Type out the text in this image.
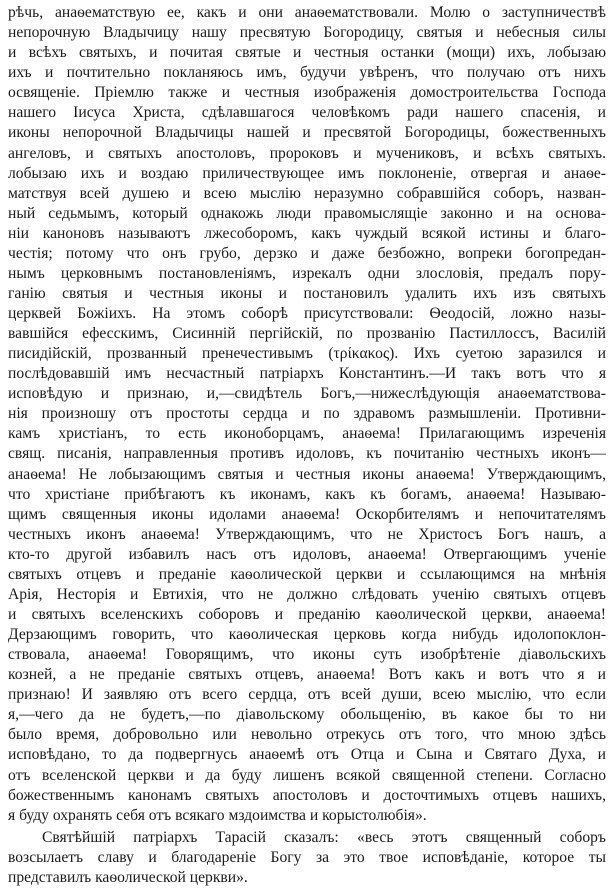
рѣчь, анаѳематствую ее, какъ и они анаѳематствовали. Молю о заступничествѣ
непорочную Владычицу нашу пресвятую Богородицу, святыя и небесныя силы
и всѣхъ святыхъ, и почитая святые и честныя останки (мощи) ихъ, лобызаю
ихъ и почтительно покланяюсь имъ, будучи увѣренъ, что получаю отъ нихъ
освященіе. Пріемлю также и честныя изображенія домостроительства Господа
нашего Іисуса Христа, сдѣлавшагося человѣкомъ ради нашего спасенія, и
иконы непорочной Владычицы нашей и пресвятой Богородицы, божественныхъ
ангеловъ, и святыхъ апостоловъ, пророковъ и мучениковъ, и всѣхъ святыхъ.
лобызаю ихъ и воздаю приличествующее имъ поклоненіе, отвергая и анаѳе-
матствуя всей душею и всею мыслію неразумно собравшійся соборъ, назван-
ный седьмымъ, который однакожь люди правомыслящіе законно и на основа-
ніи каноновъ называютъ лжесоборомъ, какъ чуждый всякой истины и благо-
честія; потому что онъ грубо, дерзко и даже безбожно, вопреки богопредан-
нымъ церковнымъ постановленіямъ, изрекалъ одни злословія, предалъ пору-
ганію святыя и честныя иконы и постановилъ удалить ихъ изъ святыхъ
церквей Божіихъ. На этомъ соборѣ присутствовали: Ѳеодосій, ложно назы-
вавшійся ефесскимъ, Сисинній пергійскій, по прозванію Пастиллоссъ, Василій
писидійскій, прозванный пренечестивымъ (τρίκακος). Ихъ суетою заразился и
послѣдовавшій имъ несчастный патріархъ Константинъ.—И такъ вотъ что я
исповѣдую и признаю, и,—свидѣтель Богъ,—нижеслѣдующія анаѳематствова-
нія произношу отъ простоты сердца и по здравомъ размышленіи. Противни-
камъ христіанъ, то есть иконоборцамъ, анаѳема! Прилагающимъ изреченія
свящ. писанія, направленныя противъ идоловъ, къ почитанію честныхъ иконъ—
анаѳема! Не лобызающимъ святыя и честныя иконы анаѳема! Утверждающимъ,
что христіане прибѣгаютъ къ иконамъ, какъ къ богамъ, анаѳема! Называю-
щимъ священныя иконы идолами анаѳема! Оскорбителямъ и непочитателямъ
честныхъ иконъ анаѳема! Утверждающимъ, что не Христосъ Богъ нашъ, а
кто-то другой избавилъ насъ отъ идоловъ, анаѳема! Отвергающимъ ученіе
святыхъ отцевъ и преданіе каѳолической церкви и ссылающимся на мнѣнія
Арія, Несторія и Евтихія, что не должно слѣдовать ученію святыхъ отцевъ
и святыхъ вселенскихъ соборовъ и преданію каѳолической церкви, анаѳема!
Дерзающимъ говорить, что каѳолическая церковь когда нибудь идолопоклон-
ствовала, анаѳема! Говорящимъ, что иконы суть изобрѣтеніе діавольскихъ
козней, а не преданіе святыхъ отцевъ, анаѳема! Вотъ какъ и вотъ что я и
признаю! И заявляю отъ всего сердца, отъ всей души, всею мыслію, что если
я,—чего да не будетъ,—по діавольскому обольщенію, въ какое бы то ни
было время, добровольно или невольно отрекусь отъ того, что мною здѣсь
исповѣдано, то да подвергнусь анаѳемѣ отъ Отца и Сына и Святаго Духа, и
отъ вселенской церкви и да буду лишенъ всякой священной степени. Согласно
божественнымъ канонамъ святыхъ апостоловъ и досточтимыхъ отцевъ нашихъ,
я буду охранять себя отъ всякаго мздоимства и корыстолюбія».
Святѣйшій патріархъ Тарасій сказалъ: «весь этотъ священный соборъ
возсылаетъ славу и благодареніе Богу за это твое исповѣданіе, которое ты
представилъ каѳолической церкви».
